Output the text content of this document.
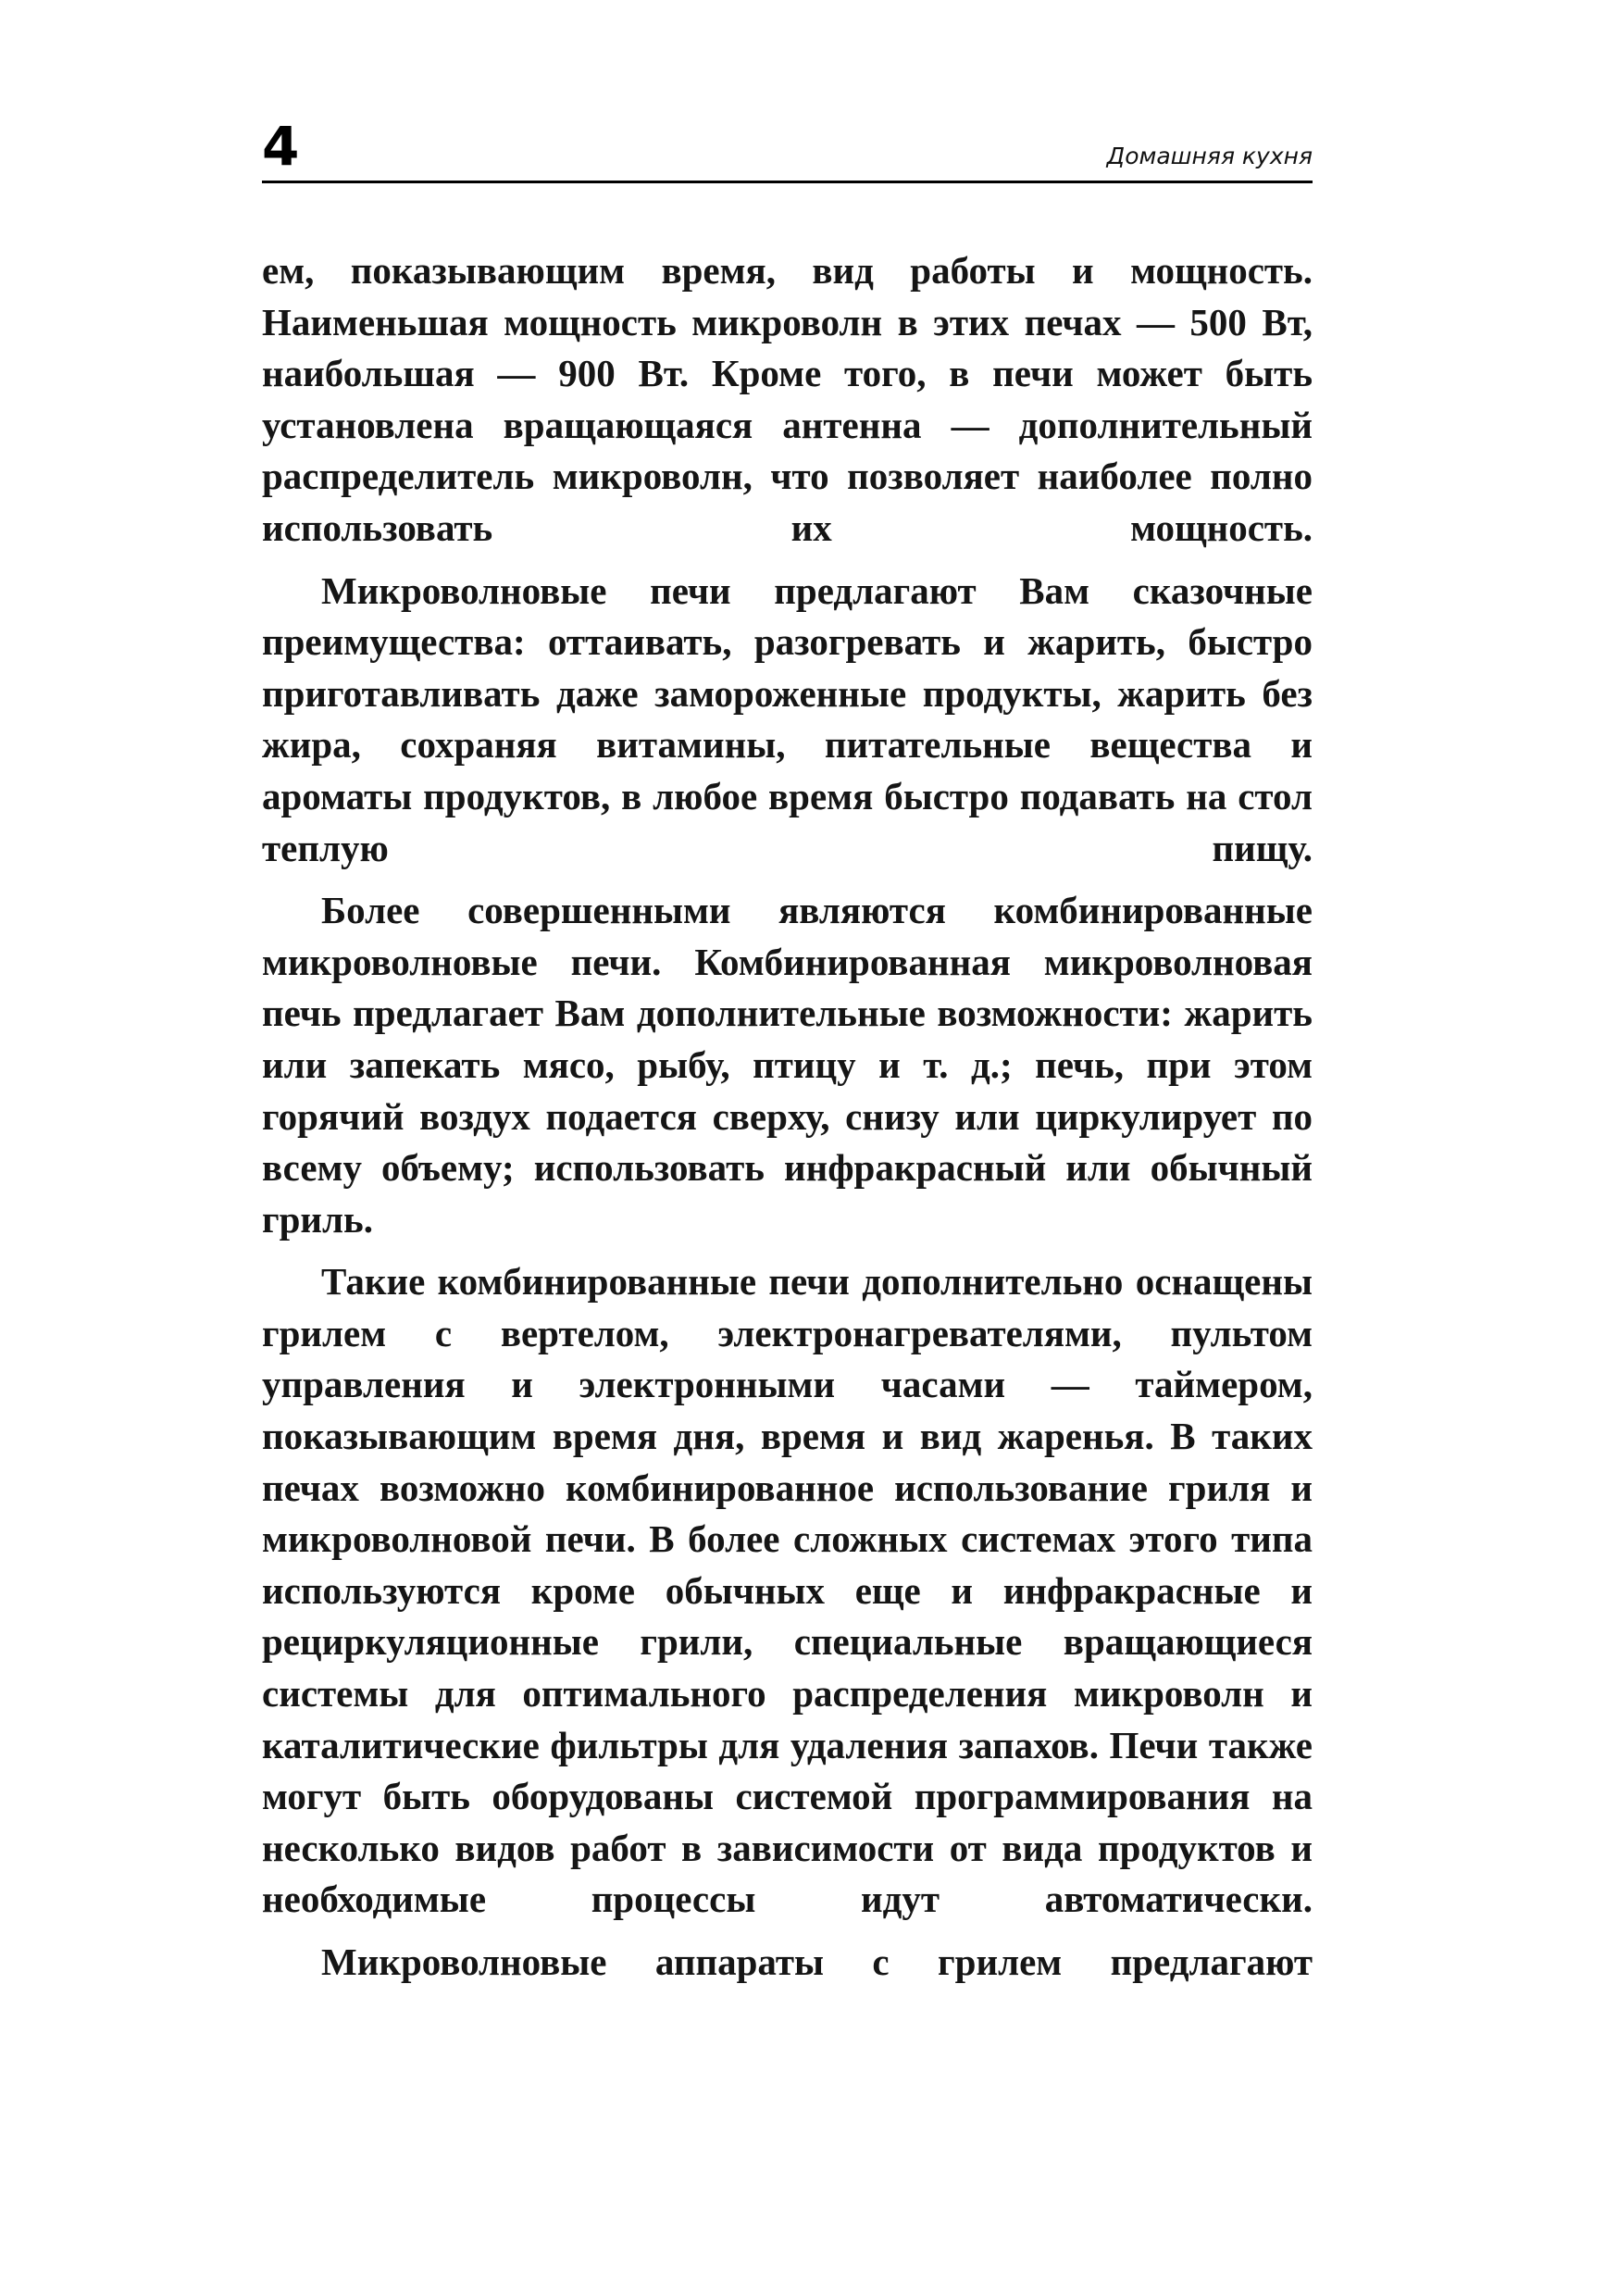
4	Домашняя кухня

ем, показывающим время, вид работы и мощность. Наименьшая мощность микроволн в этих печах — 500 Вт, наибольшая — 900 Вт. Кроме того, в печи может быть установлена вращающаяся антенна — дополнительный распределитель микроволн, что позволяет наиболее полно использовать их мощность.

Микроволновые печи предлагают Вам сказочные преимущества: оттаивать, разогревать и жарить, быстро приготавливать даже замороженные продукты, жарить без жира, сохраняя витамины, питательные вещества и ароматы продуктов, в любое время быстро подавать на стол теплую пищу.

Более совершенными являются комбинированные микроволновые печи. Комбинированная микроволновая печь предлагает Вам дополнительные возможности: жарить или запекать мясо, рыбу, птицу и т. д.; печь, при этом горячий воздух подается сверху, снизу или циркулирует по всему объему; использовать инфракрасный или обычный гриль.

Такие комбинированные печи дополнительно оснащены грилем с вертелом, электронагревателями, пультом управления и электронными часами — таймером, показывающим время дня, время и вид жаренья. В таких печах возможно комбинированное использование гриля и микроволновой печи. В более сложных системах этого типа используются кроме обычных еще и инфракрасные и рециркуляционные грили, специальные вращающиеся системы для оптимального распределения микроволн и каталитические фильтры для удаления запахов. Печи также могут быть оборудованы системой программирования на несколько видов работ в зависимости от вида продуктов и необходимые процессы идут автоматически.

Микроволновые аппараты с грилем предлагают
